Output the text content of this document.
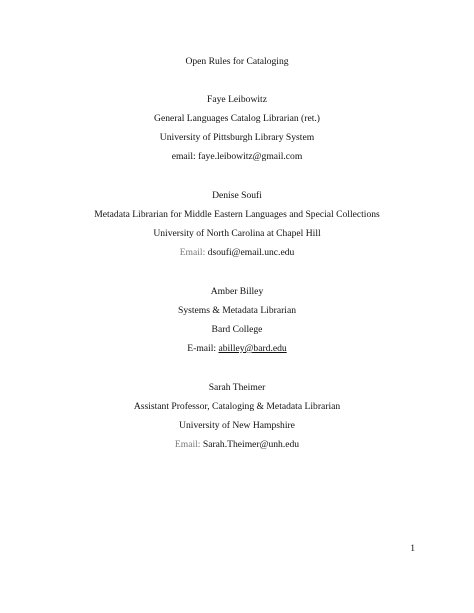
Open Rules for Cataloging
Faye Leibowitz
General Languages Catalog Librarian (ret.)
University of Pittsburgh Library System
email: faye.leibowitz@gmail.com
Denise Soufi
Metadata Librarian for Middle Eastern Languages and Special Collections
University of North Carolina at Chapel Hill
Email: dsoufi@email.unc.edu
Amber Billey
Systems & Metadata Librarian
Bard College
E-mail: abilley@bard.edu
Sarah Theimer
Assistant Professor, Cataloging & Metadata Librarian
University of New Hampshire
Email: Sarah.Theimer@unh.edu
1
